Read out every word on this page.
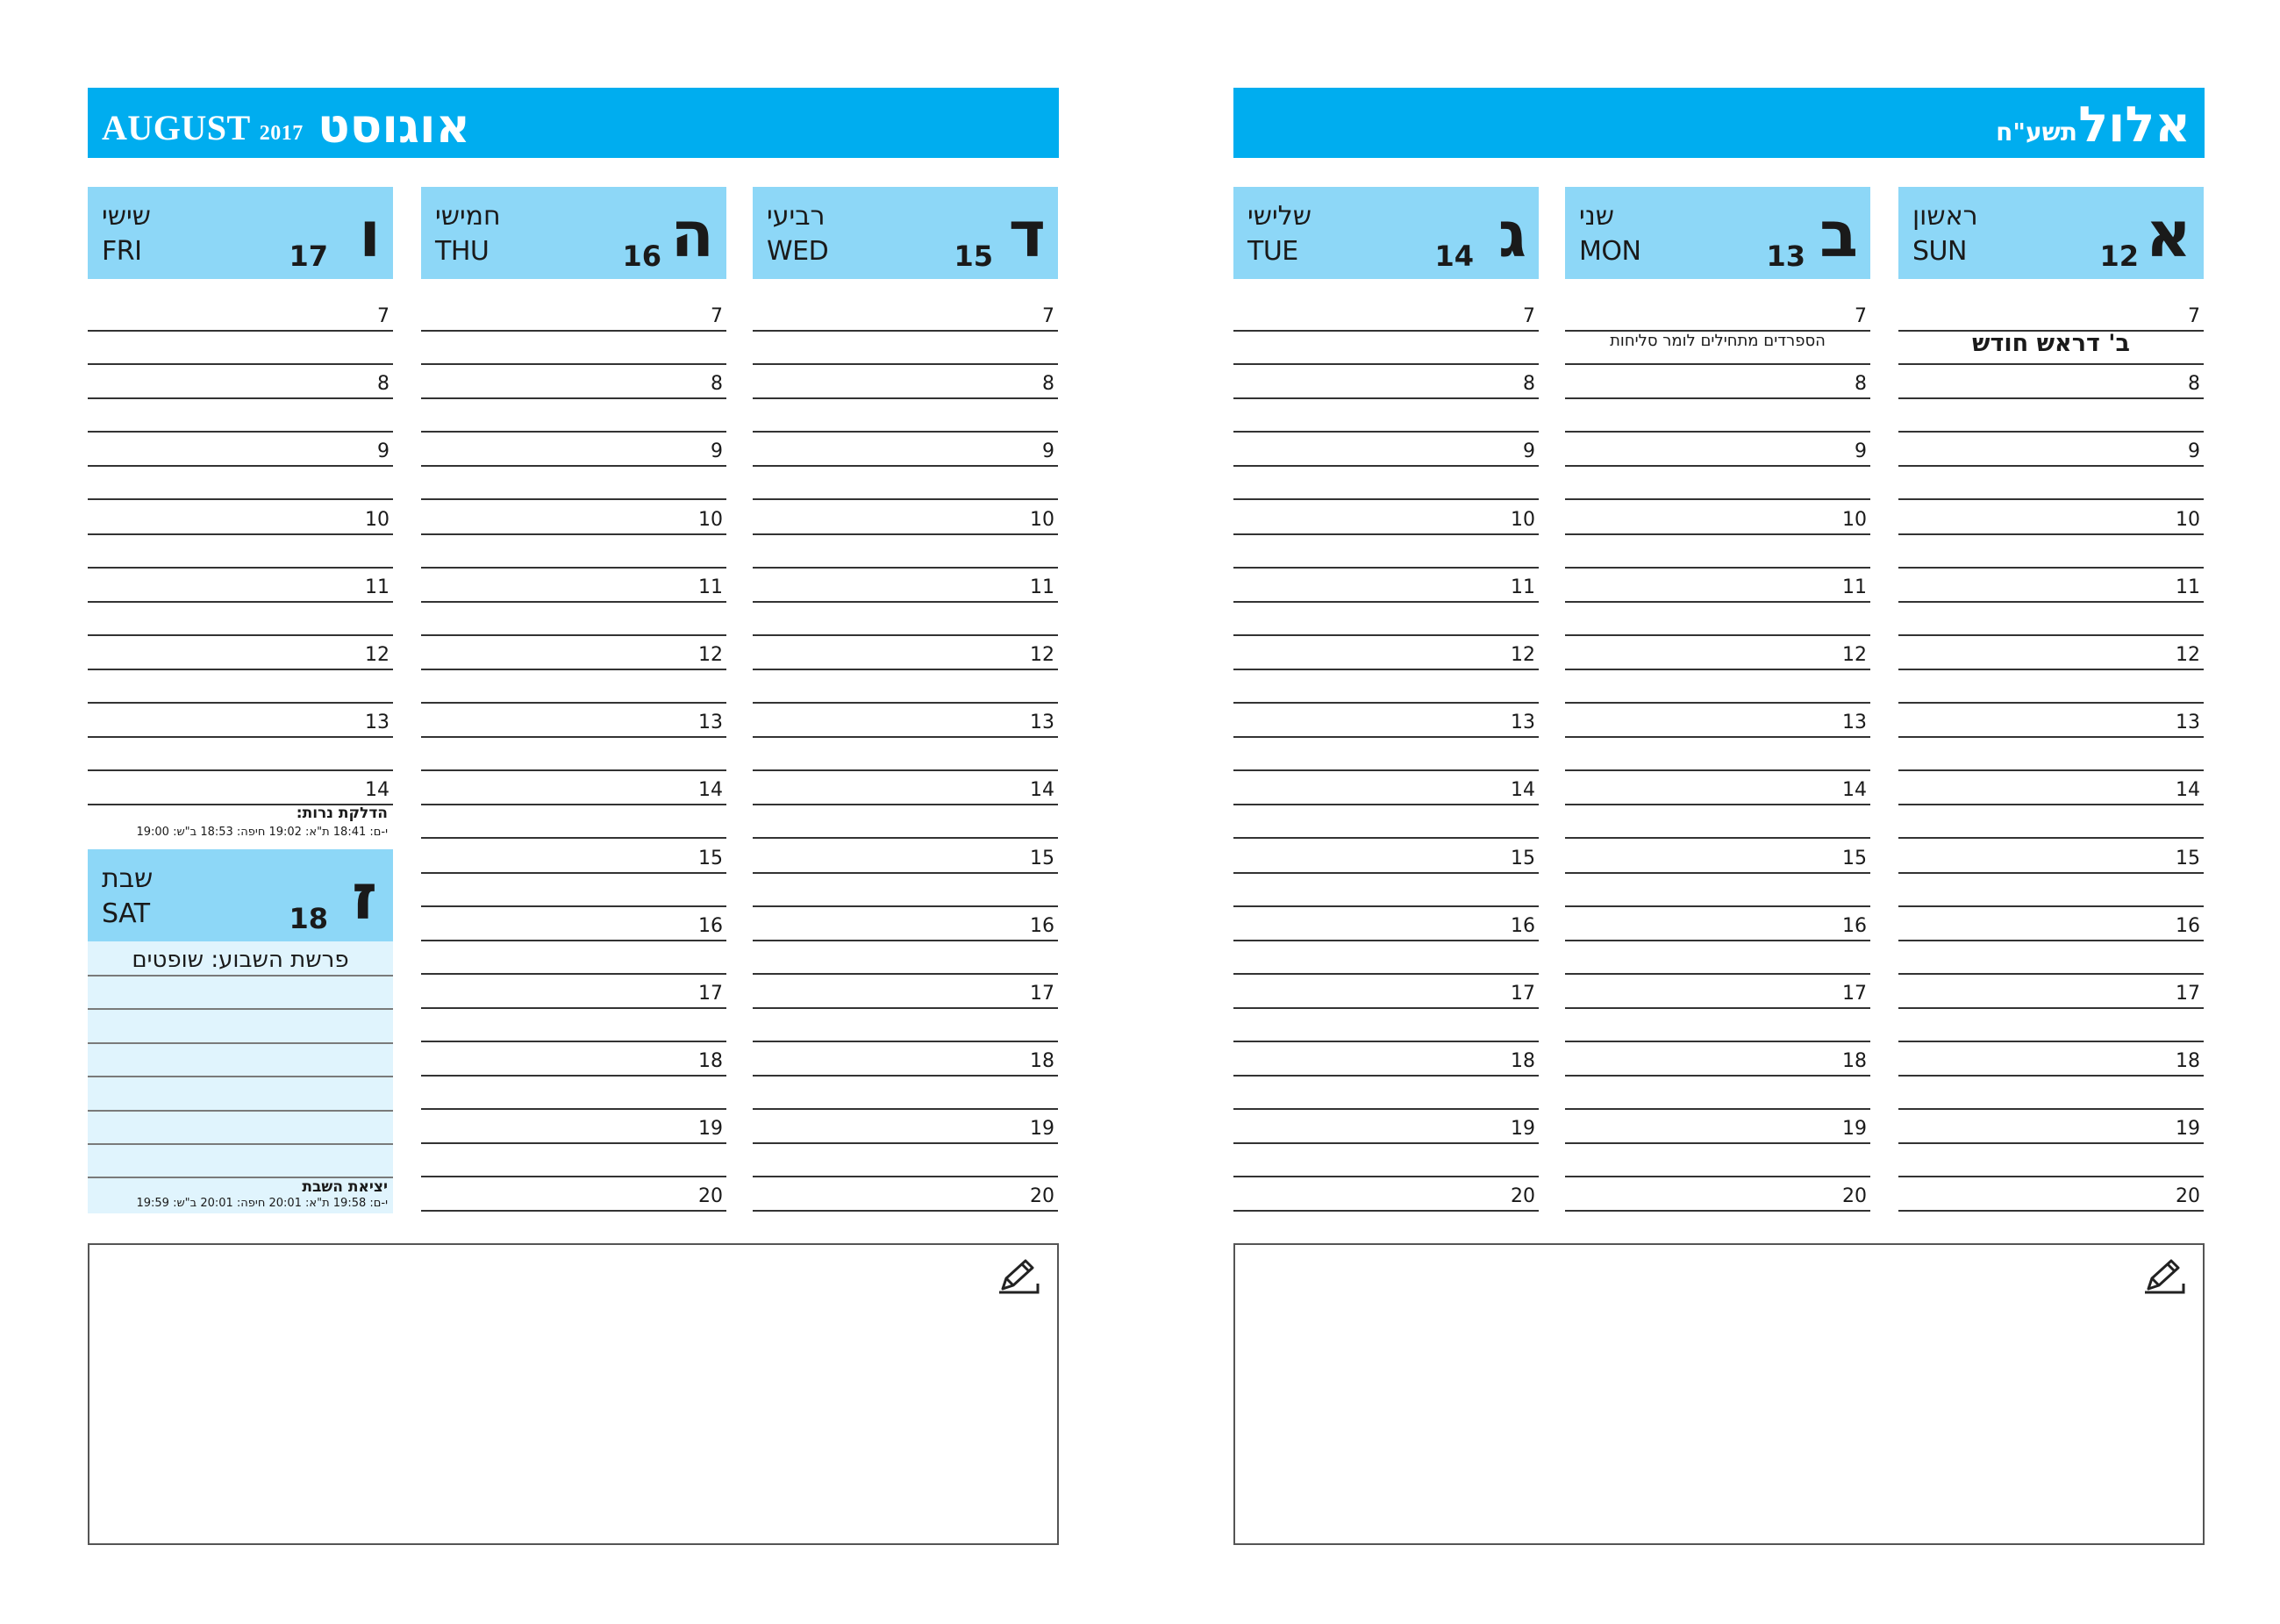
AUGUST 2017 אוגוסט
שישי
FRI	17 ו
7
8
9
10
11
12
13
14
הדלקת נרות:
י-ם: 18:41 ת"א: 19:02 חיפה: 18:53 ב"ש: 19:00
שבת
SAT	18 ז
פרשת השבוע: שופטים
יציאת השבת
י-ם: 19:58 ת"א: 20:01 חיפה: 20:01 ב"ש: 19:59
חמישי
THU	16 ה
7
8
9
10
11
12
13
14
15
16
17
18
19
20
רביעי
WED	15 ד
7
8
9
10
11
12
13
14
15
16
17
18
19
20
אלול
תשע"ח
שלישי
TUE	14 ג
7
8
9
10
11
12
13
14
15
16
17
18
19
20
שני
MON	13 ב
7
הספרדים מתחילים לומר סליחות
8
9
10
11
12
13
14
15
16
17
18
19
20
ראשון
SUN	12 א
7
ב' דראש חודש
8
9
10
11
12
13
14
15
16
17
18
19
20
